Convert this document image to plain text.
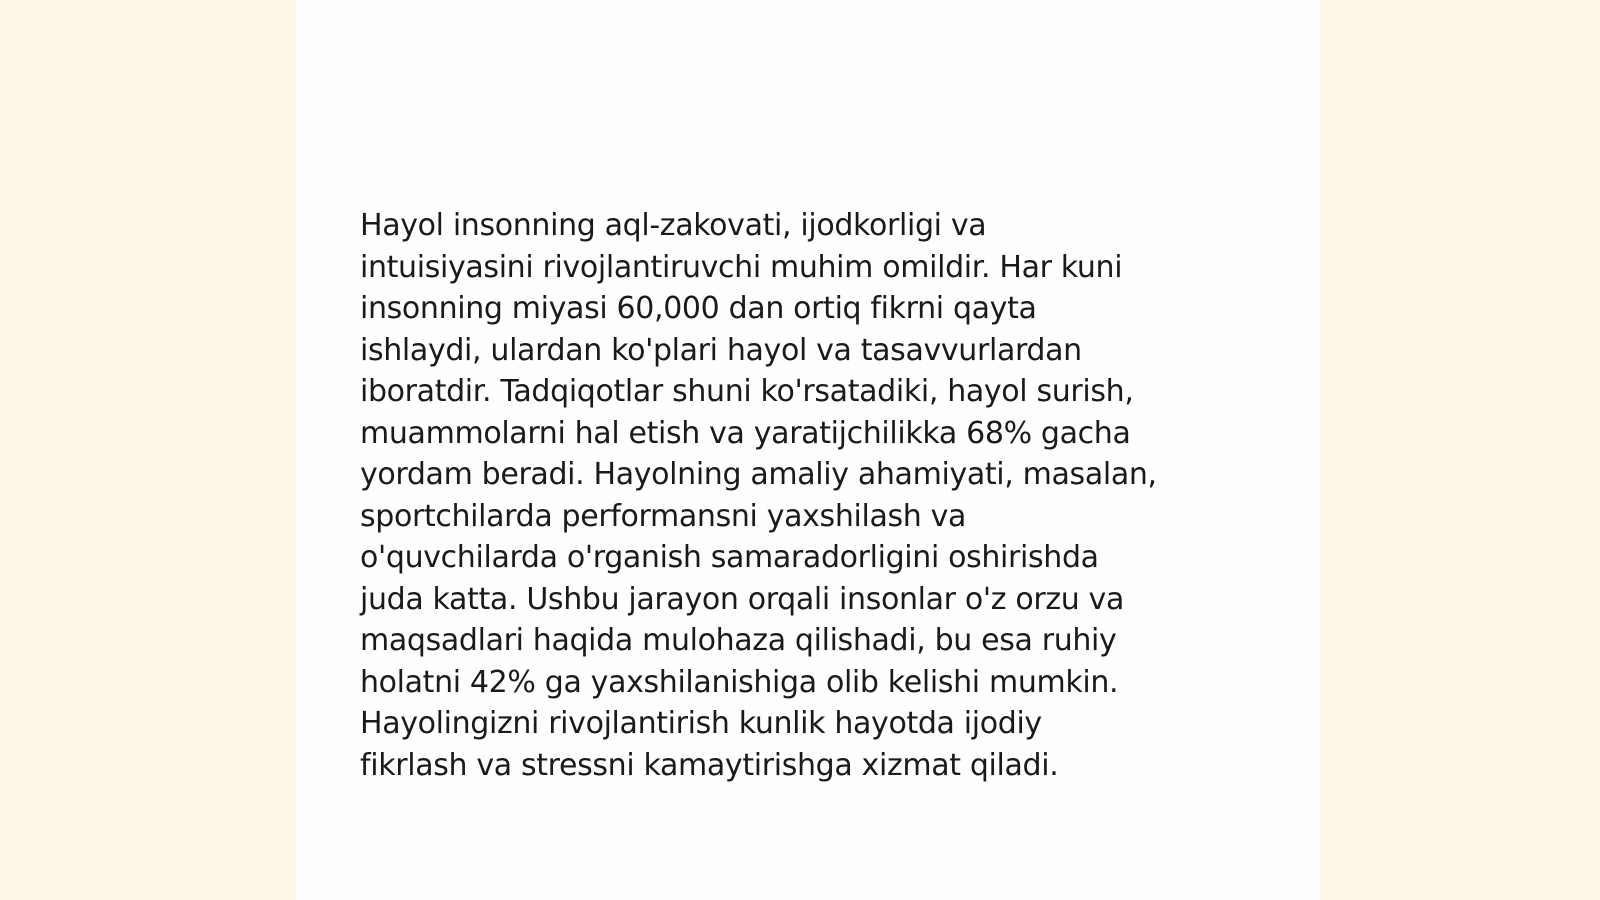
Hayol insonning aql-zakovati, ijodkorligi va
intuisiyasini rivojlantiruvchi muhim omildir. Har kuni
insonning miyasi 60,000 dan ortiq fikrni qayta
ishlaydi, ulardan ko'plari hayol va tasavvurlardan
iboratdir. Tadqiqotlar shuni ko'rsatadiki, hayol surish,
muammolarni hal etish va yaratijchilikka 68% gacha
yordam beradi. Hayolning amaliy ahamiyati, masalan,
sportchilarda performansni yaxshilash va
o'quvchilarda o'rganish samaradorligini oshirishda
juda katta. Ushbu jarayon orqali insonlar o'z orzu va
maqsadlari haqida mulohaza qilishadi, bu esa ruhiy
holatni 42% ga yaxshilanishiga olib kelishi mumkin.
Hayolingizni rivojlantirish kunlik hayotda ijodiy
fikrlash va stressni kamaytirishga xizmat qiladi.
